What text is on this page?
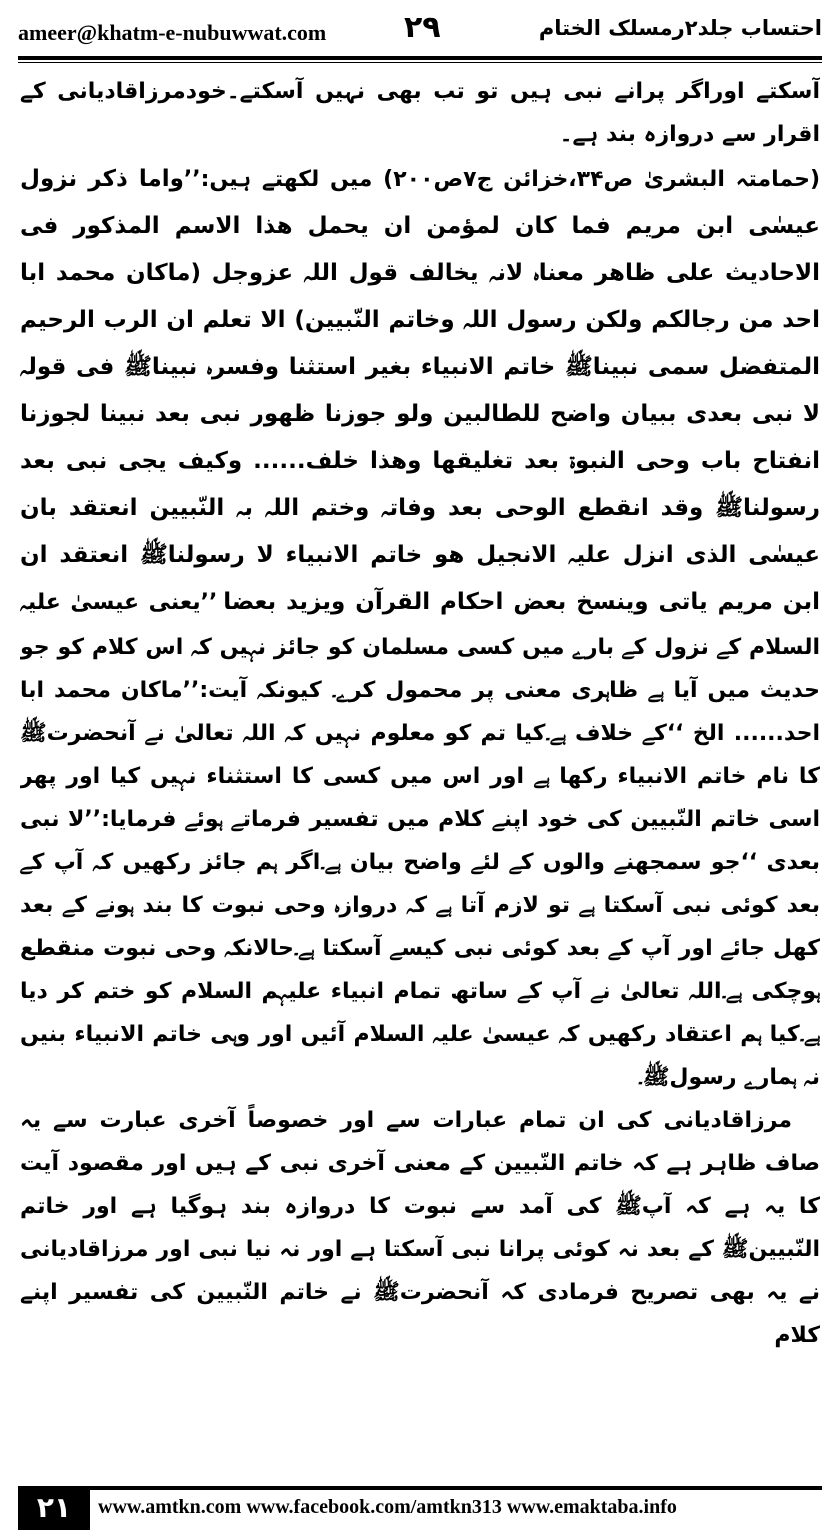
ameer@khatm-e-nubuwwat.com	۲۹	احتساب جلد۲رمسلک الختام

آسکتے اوراگر پرانے نبی ہیں تو تب بھی نہیں آسکتے۔خودمرزاقادیانی کے اقرار سے دروازہ بند ہے۔

(حمامتہ البشریٰ ص۳۴،خزائن ج۷ص۲۰۰) میں لکھتے ہیں:’’واما ذکر نزول عیسٰی ابن مریم فما کان لمؤمن ان یحمل ھذا الاسم المذکور فی الاحادیث علی ظاھر معناہ لانہ یخالف قول اللہ عزوجل (ماکان محمد ابا احد من رجالکم ولکن رسول اللہ وخاتم النّبیین) الا تعلم ان الرب الرحیم المتفضل سمی نبیناﷺ خاتم الانبیاء بغیر استثنا وفسرہ نبیناﷺ فی قولہ لا نبی بعدی ببیان واضح للطالبین ولو جوزنا ظھور نبی بعد نبینا لجوزنا انفتاح باب وحی النبوۃ بعد تغلیقھا وھذا خلف...... وکیف یجی نبی بعد رسولناﷺ وقد انقطع الوحی بعد وفاتہ وختم اللہ بہ النّبیین انعتقد بان عیسٰی الذی انزل علیہ الانجیل ھو خاتم الانبیاء لا رسولناﷺ انعتقد ان ابن مریم یاتی وینسخ بعض احکام القرآن ویزید بعضا ’’یعنی عیسیٰ علیہ السلام کے نزول کے بارے میں کسی مسلمان کو جائز نہیں کہ اس کلام کو جو حدیث میں آیا ہے ظاہری معنی پر محمول کرے۔ کیونکہ آیت:’’ماکان محمد ابا احد...... الخ ‘‘کے خلاف ہے۔کیا تم کو معلوم نہیں کہ اللہ تعالیٰ نے آنحضرتﷺ کا نام خاتم الانبیاء رکھا ہے اور اس میں کسی کا استثناء نہیں کیا اور پھر اسی خاتم النّبیین کی خود اپنے کلام میں تفسیر فرماتے ہوئے فرمایا:’’لا نبی بعدی ‘‘جو سمجھنے والوں کے لئے واضح بیان ہے۔اگر ہم جائز رکھیں کہ آپ کے بعد کوئی نبی آسکتا ہے تو لازم آتا ہے کہ دروازہ وحی نبوت کا بند ہونے کے بعد کھل جائے اور آپ کے بعد کوئی نبی کیسے آسکتا ہے۔حالانکہ وحی نبوت منقطع ہوچکی ہے۔اللہ تعالیٰ نے آپ کے ساتھ تمام انبیاء علیہم السلام کو ختم کر دیا ہے۔کیا ہم اعتقاد رکھیں کہ عیسیٰ علیہ السلام آئیں اور وہی خاتم الانبیاء بنیں نہ ہمارے رسولﷺ۔

مرزاقادیانی کی ان تمام عبارات سے اور خصوصاً آخری عبارت سے یہ صاف ظاہر ہے کہ خاتم النّبیین کے معنی آخری نبی کے ہیں اور مقصود آیت کا یہ ہے کہ آپﷺ کی آمد سے نبوت کا دروازہ بند ہوگیا ہے اور خاتم النّبیینﷺ کے بعد نہ کوئی پرانا نبی آسکتا ہے اور نہ نیا نبی اور مرزاقادیانی نے یہ بھی تصریح فرمادی کہ آنحضرتﷺ نے خاتم النّبیین کی تفسیر اپنے کلام

۲۱	www.amtkn.com www.facebook.com/amtkn313 www.emaktaba.info
